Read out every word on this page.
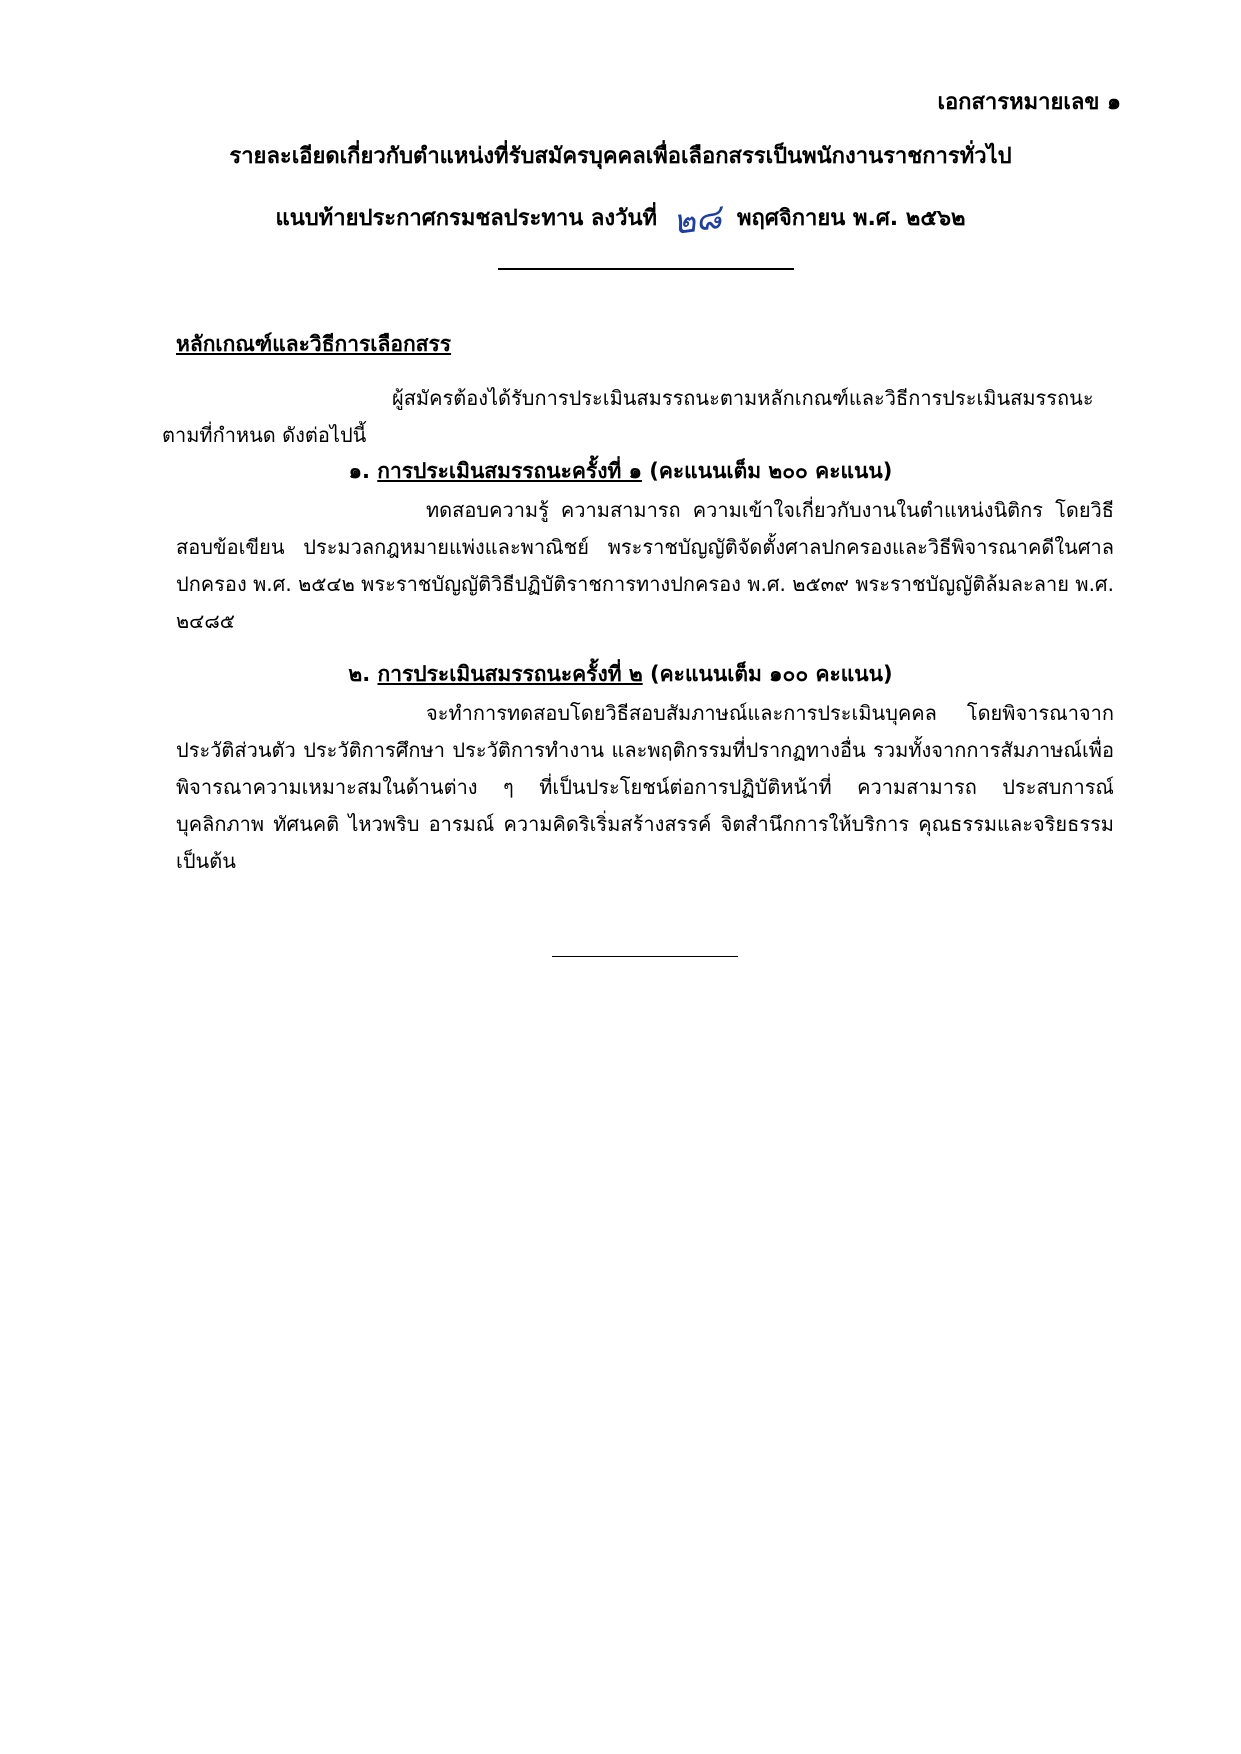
เอกสารหมายเลข ๑
รายละเอียดเกี่ยวกับตำแหน่งที่รับสมัครบุคคลเพื่อเลือกสรรเป็นพนักงานราชการทั่วไป
แนบท้ายประกาศกรมชลประทาน ลงวันที่ ๒๘ พฤศจิกายน พ.ศ. ๒๕๖๒
หลักเกณฑ์และวิธีการเลือกสรร
ผู้สมัครต้องได้รับการประเมินสมรรถนะตามหลักเกณฑ์และวิธีการประเมินสมรรถนะ
ตามที่กำหนด ดังต่อไปนี้
๑. การประเมินสมรรถนะครั้งที่ ๑ (คะแนนเต็ม ๒๐๐ คะแนน)
ทดสอบความรู้ ความสามารถ ความเข้าใจเกี่ยวกับงานในตำแหน่งนิติกร โดยวิธีสอบข้อเขียน ประมวลกฎหมายแพ่งและพาณิชย์ พระราชบัญญัติจัดตั้งศาลปกครองและวิธีพิจารณาคดีในศาลปกครอง พ.ศ. ๒๕๔๒ พระราชบัญญัติวิธีปฏิบัติราชการทางปกครอง พ.ศ. ๒๕๓๙ พระราชบัญญัติล้มละลาย พ.ศ. ๒๔๘๕
๒. การประเมินสมรรถนะครั้งที่ ๒ (คะแนนเต็ม ๑๐๐ คะแนน)
จะทำการทดสอบโดยวิธีสอบสัมภาษณ์และการประเมินบุคคล โดยพิจารณาจากประวัติส่วนตัว ประวัติการศึกษา ประวัติการทำงาน และพฤติกรรมที่ปรากฏทางอื่น รวมทั้งจากการสัมภาษณ์เพื่อพิจารณาความเหมาะสมในด้านต่าง ๆ ที่เป็นประโยชน์ต่อการปฏิบัติหน้าที่ ความสามารถ ประสบการณ์ บุคลิกภาพ ทัศนคติ ไหวพริบ อารมณ์ ความคิดริเริ่มสร้างสรรค์ จิตสำนึกการให้บริการ คุณธรรมและจริยธรรม เป็นต้น
